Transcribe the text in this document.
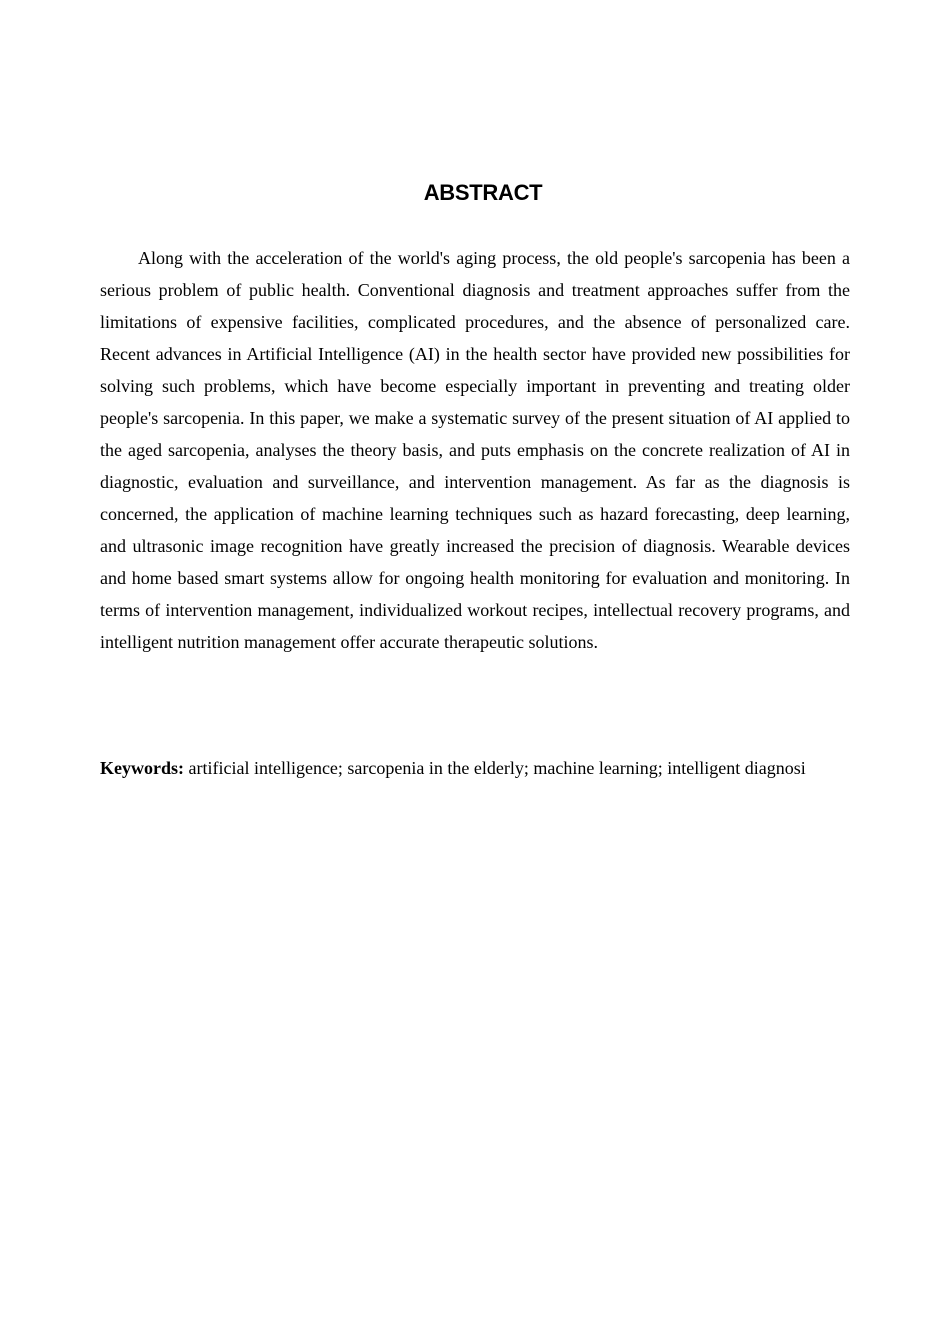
ABSTRACT

Along with the acceleration of the world's aging process, the old people's sarcopenia has been a serious problem of public health. Conventional diagnosis and treatment approaches suffer from the limitations of expensive facilities, complicated procedures, and the absence of personalized care. Recent advances in Artificial Intelligence (AI) in the health sector have provided new possibilities for solving such problems, which have become especially important in preventing and treating older people's sarcopenia. In this paper, we make a systematic survey of the present situation of AI applied to the aged sarcopenia, analyses the theory basis, and puts emphasis on the concrete realization of AI in diagnostic, evaluation and surveillance, and intervention management. As far as the diagnosis is concerned, the application of machine learning techniques such as hazard forecasting, deep learning, and ultrasonic image recognition have greatly increased the precision of diagnosis. Wearable devices and home based smart systems allow for ongoing health monitoring for evaluation and monitoring. In terms of intervention management, individualized workout recipes, intellectual recovery programs, and intelligent nutrition management offer accurate therapeutic solutions.

Keywords: artificial intelligence; sarcopenia in the elderly; machine learning; intelligent diagnosi
